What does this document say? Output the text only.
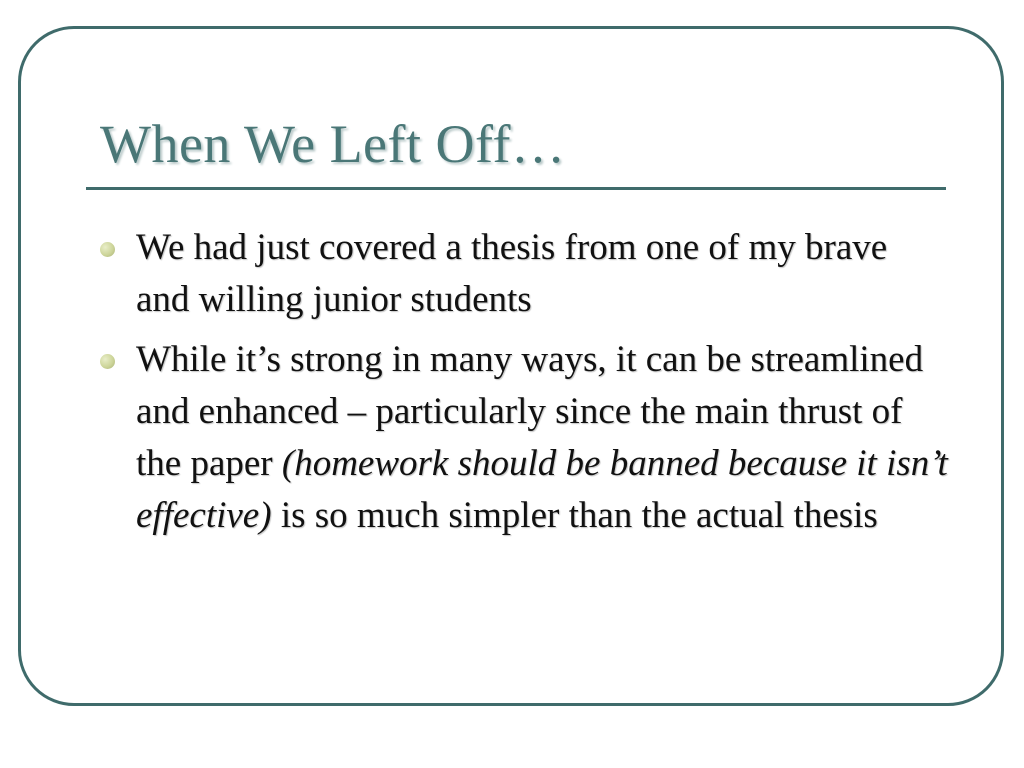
When We Left Off…
We had just covered a thesis from one of my brave and willing junior students
While it’s strong in many ways, it can be streamlined and enhanced – particularly since the main thrust of the paper (homework should be banned because it isn’t effective) is so much simpler than the actual thesis
